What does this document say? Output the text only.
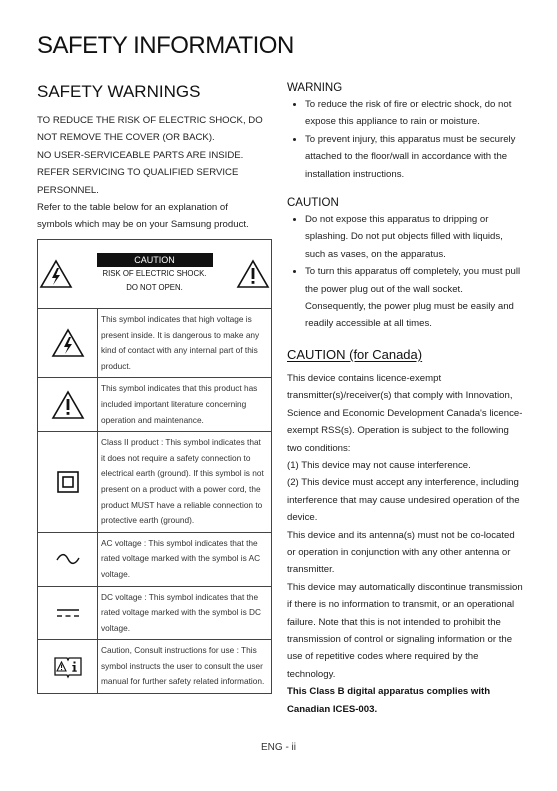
SAFETY INFORMATION
SAFETY WARNINGS

TO REDUCE THE RISK OF ELECTRIC SHOCK, DO

NOT REMOVE THE COVER (OR BACK).

NO USER-SERVICEABLE PARTS ARE INSIDE.

REFER SERVICING TO QUALIFIED SERVICE

PERSONNEL.

Refer to the table below for an explanation of

symbols which may be on your Samsung product.

CAUTION
RISK OF ELECTRIC SHOCK.
DO NOT OPEN.	

	This symbol indicates that high voltage is present inside. It is dangerous to make any kind of contact with any internal part of this product.

	This symbol indicates that this product has included important literature concerning operation and maintenance.

	Class II product : This symbol indicates that it does not require a safety connection to electrical earth (ground). If this symbol is not present on a product with a power cord, the product MUST have a reliable connection to protective earth (ground).

	AC voltage : This symbol indicates that the rated voltage marked with the symbol is AC voltage.

	DC voltage : This symbol indicates that the rated voltage marked with the symbol is DC voltage.

	Caution, Consult instructions for use : This symbol instructs the user to consult the user manual for further safety related information.
WARNING
• To reduce the risk of fire or electric shock, do not expose this appliance to rain or moisture.
• To prevent injury, this apparatus must be securely attached to the floor/wall in accordance with the installation instructions.
CAUTION
• Do not expose this apparatus to dripping or splashing. Do not put objects filled with liquids, such as vases, on the apparatus.
• To turn this apparatus off completely, you must pull the power plug out of the wall socket. Consequently, the power plug must be easily and readily accessible at all times.
CAUTION (for Canada)

This device contains licence-exempt transmitter(s)/receiver(s) that comply with Innovation, Science and Economic Development Canada's licence-exempt RSS(s). Operation is subject to the following two conditions:

(1) This device may not cause interference.

(2) This device must accept any interference, including interference that may cause undesired operation of the device.

This device and its antenna(s) must not be co-located or operation in conjunction with any other antenna or transmitter.

This device may automatically discontinue transmission if there is no information to transmit, or an operational failure. Note that this is not intended to prohibit the transmission of control or signaling information or the use of repetitive codes where required by the technology.

This Class B digital apparatus complies with Canadian ICES-003.

ENG - ii
